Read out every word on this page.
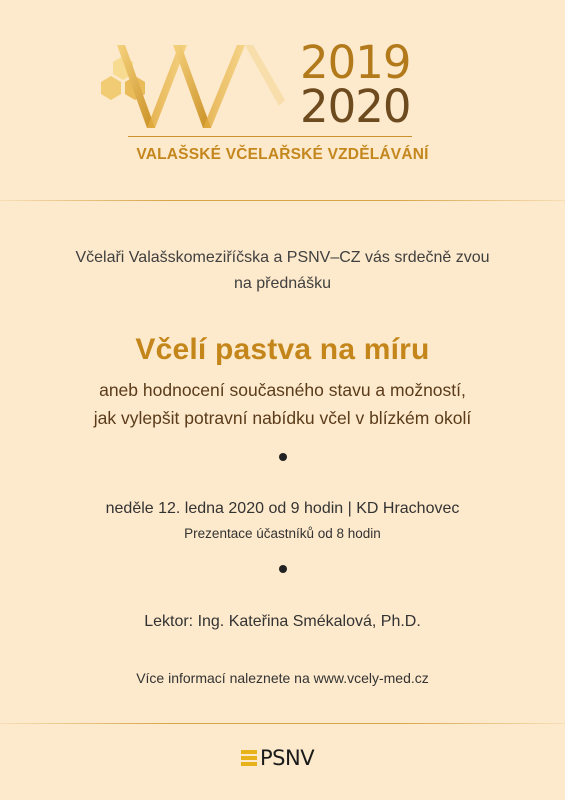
2019
2020
VALAŠSKÉ VČELAŘSKÉ VZDĚLÁVÁNÍ
Včelaři Valašskomeziříčska a PSNV–CZ vás srdečně zvou
na přednášku
Včelí pastva na míru
aneb hodnocení současného stavu a možností,
jak vylepšit potravní nabídku včel v blízkém okolí
neděle 12. ledna 2020 od 9 hodin | KD Hrachovec
Prezentace účastníků od 8 hodin
Lektor: Ing. Kateřina Smékalová, Ph.D.
Více informací naleznete na www.vcely-med.cz
PSNV
